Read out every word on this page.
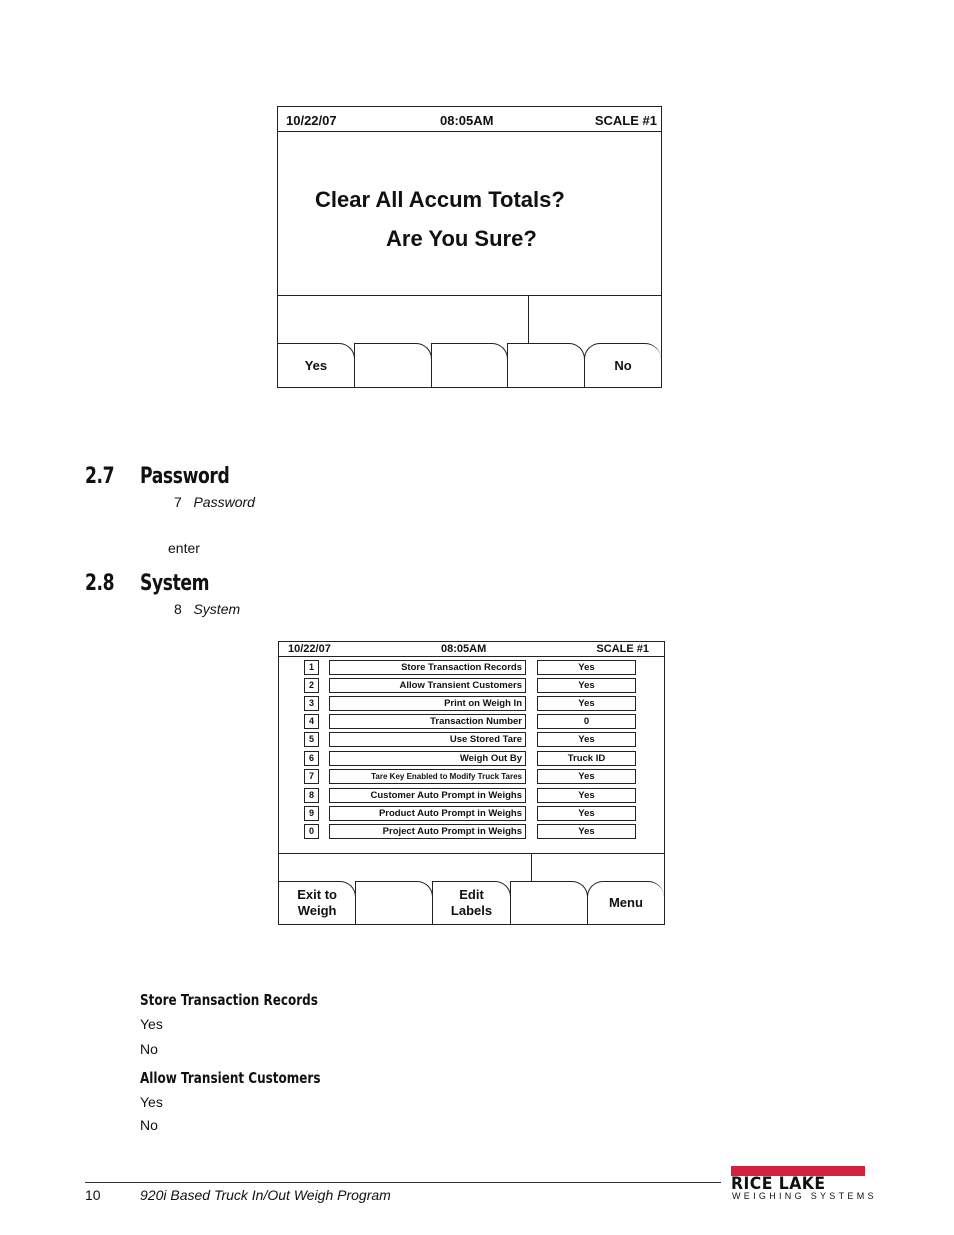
10/22/07	08:05AM	SCALE #1
Clear All Accum Totals?
Are You Sure?
Yes	No
2.7 Password
7 Password
enter
2.8 System
8 System
10/22/07	08:05AM	SCALE #1
1	Store Transaction Records	Yes
2	Allow Transient Customers	Yes
3	Print on Weigh In	Yes
4	Transaction Number	0
5	Use Stored Tare	Yes
6	Weigh Out By	Truck ID
7	Tare Key Enabled to Modify Truck Tares	Yes
8	Customer Auto Prompt in Weighs	Yes
9	Product Auto Prompt in Weighs	Yes
0	Project Auto Prompt in Weighs	Yes
Exit to
Weigh
Edit
Labels
Menu
Store Transaction Records
Yes
No
Allow Transient Customers
Yes
No
10	920i Based Truck In/Out Weigh Program
RICE LAKE
WEIGHING SYSTEMS
